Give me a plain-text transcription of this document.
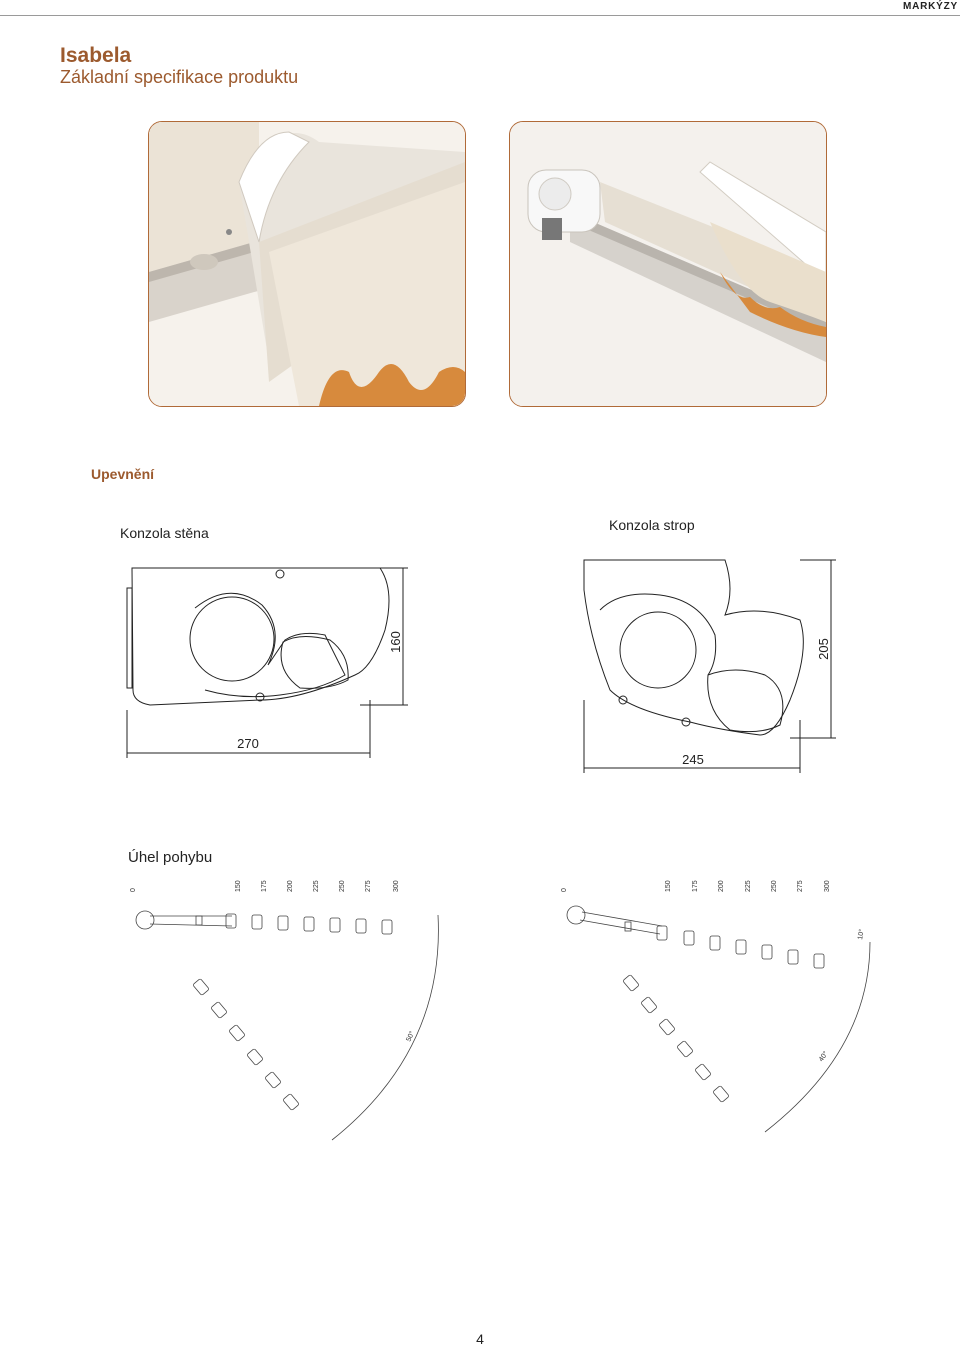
MARKÝZY
Isabela
Základní specifikace produktu
Upevnění
Konzola stěna	Konzola strop
160
270
205
245
Úhel pohybu
0	150	175	200	225	250	275	300
50°
0	150	175	200	225	250	275	300
10°
40°
4
